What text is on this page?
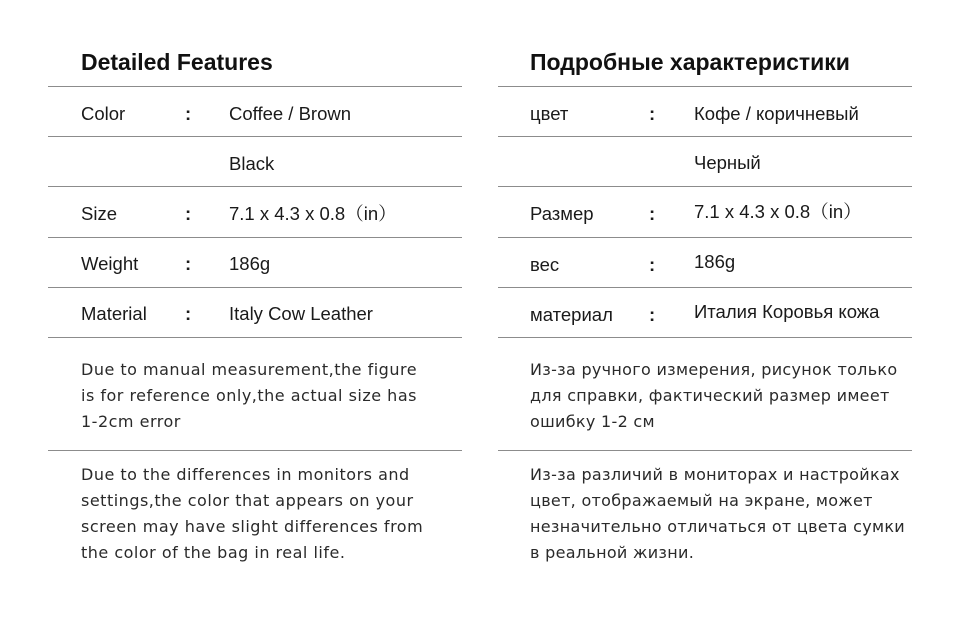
Detailed Features
Color	: Coffee / Brown
Black
Size	: 7.1 x 4.3 x 0.8（in）
Weight	: 186g
Material : Italy Cow Leather
Due to manual measurement,the figure
is for reference only,the actual size has
1-2cm error
Due to the differences in monitors and
settings,the color that appears on your
screen may have slight differences from
the color of the bag in real life.
Подробные характеристики
цвет	: Кофе / коричневый
Черный
Размер	: 7.1 x 4.3 x 0.8（in）
вес	: 186g
материал : Италия Коровья кожа
Из-за ручного измерения, рисунок только
для справки, фактический размер имеет
ошибку 1-2 см
Из-за различий в мониторах и настройках
цвет, отображаемый на экране, может
незначительно отличаться от цвета сумки
в реальной жизни.
